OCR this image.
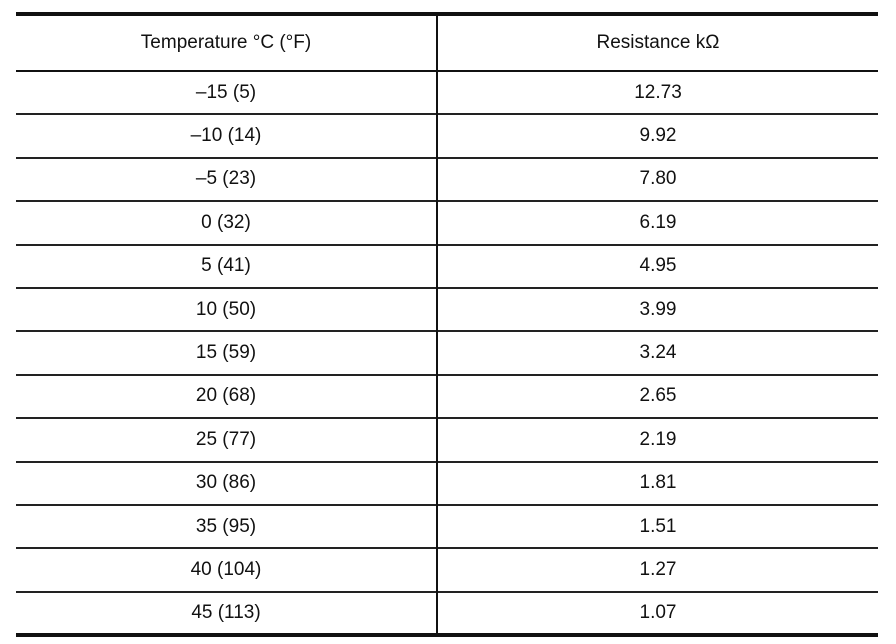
Temperature °C (°F)	Resistance kΩ
–15 (5)	12.73
–10 (14)	9.92
–5 (23)	7.80
0 (32)	6.19
5 (41)	4.95
10 (50)	3.99
15 (59)	3.24
20 (68)	2.65
25 (77)	2.19
30 (86)	1.81
35 (95)	1.51
40 (104)	1.27
45 (113)	1.07
